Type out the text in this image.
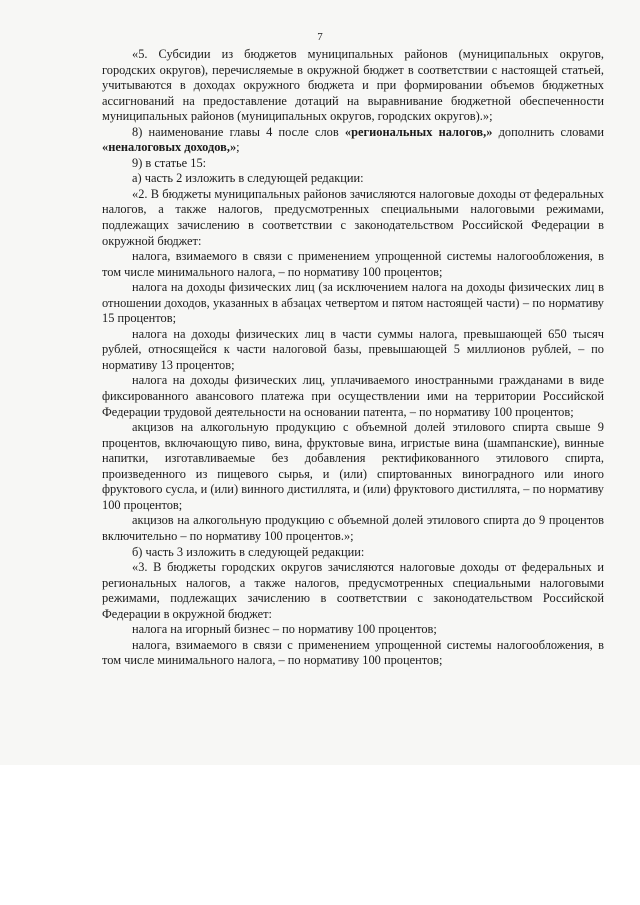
7

«5. Субсидии из бюджетов муниципальных районов (муниципальных округов, городских округов), перечисляемые в окружной бюджет в соответствии с настоящей статьей, учитываются в доходах окружного бюджета и при формировании объемов бюджетных ассигнований на предоставление дотаций на выравнивание бюджетной обеспеченности муниципальных районов (муниципальных округов, городских округов).»;

8) наименование главы 4 после слов «региональных налогов,» дополнить словами «неналоговых доходов,»;

9) в статье 15:

а) часть 2 изложить в следующей редакции:

«2. В бюджеты муниципальных районов зачисляются налоговые доходы от федеральных налогов, а также налогов, предусмотренных специальными налоговыми режимами, подлежащих зачислению в соответствии с законодательством Российской Федерации в окружной бюджет:

налога, взимаемого в связи с применением упрощенной системы налогообложения, в том числе минимального налога, – по нормативу 100 процентов;

налога на доходы физических лиц (за исключением налога на доходы физических лиц в отношении доходов, указанных в абзацах четвертом и пятом настоящей части) – по нормативу 15 процентов;

налога на доходы физических лиц в части суммы налога, превышающей 650 тысяч рублей, относящейся к части налоговой базы, превышающей 5 миллионов рублей, – по нормативу 13 процентов;

налога на доходы физических лиц, уплачиваемого иностранными гражданами в виде фиксированного авансового платежа при осуществлении ими на территории Российской Федерации трудовой деятельности на основании патента, – по нормативу 100 процентов;

акцизов на алкогольную продукцию с объемной долей этилового спирта свыше 9 процентов, включающую пиво, вина, фруктовые вина, игристые вина (шампанские), винные напитки, изготавливаемые без добавления ректификованного этилового спирта, произведенного из пищевого сырья, и (или) спиртованных виноградного или иного фруктового сусла, и (или) винного дистиллята, и (или) фруктового дистиллята, – по нормативу 100 процентов;

акцизов на алкогольную продукцию с объемной долей этилового спирта до 9 процентов включительно – по нормативу 100 процентов.»;

б) часть 3 изложить в следующей редакции:

«3. В бюджеты городских округов зачисляются налоговые доходы от федеральных и региональных налогов, а также налогов, предусмотренных специальными налоговыми режимами, подлежащих зачислению в соответствии с законодательством Российской Федерации в окружной бюджет:

налога на игорный бизнес – по нормативу 100 процентов;

налога, взимаемого в связи с применением упрощенной системы налогообложения, в том числе минимального налога, – по нормативу 100 процентов;
